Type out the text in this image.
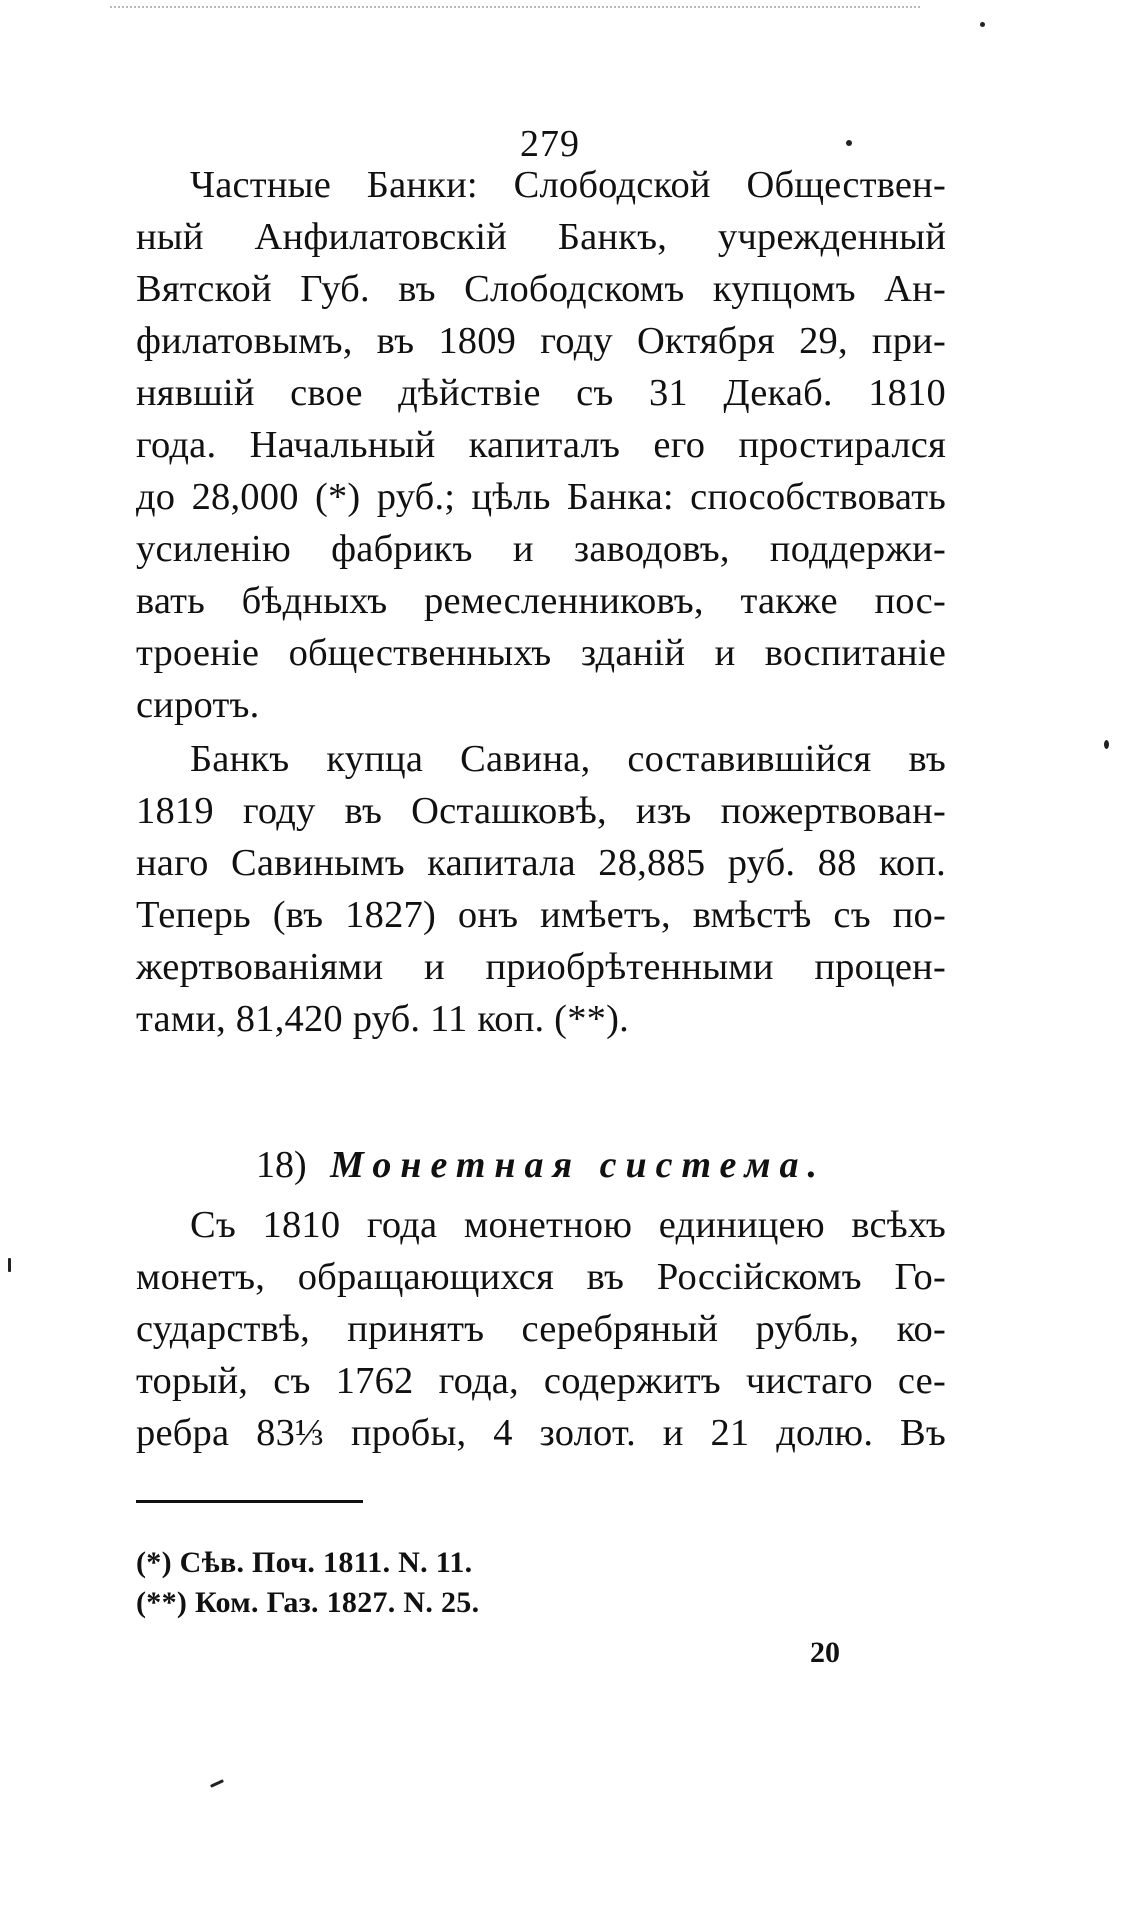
279
Частные Банки: Слободской Обществен-
ный Анфилатовскій Банкъ, учрежденный
Вятской Губ. въ Слободскомъ купцомъ Ан-
филатовымъ, въ 1809 году Октября 29, при-
нявшій свое дѣйствіе съ 31 Декаб. 1810
года. Начальный капиталъ его простирался
до 28,000 (*) руб.; цѣль Банка: способствовать
усиленію фабрикъ и заводовъ, поддержи-
вать бѣдныхъ ремесленниковъ, также пос-
троеніе общественныхъ зданій и воспитаніе
сиротъ.
Банкъ купца Савина, составившійся въ
1819 году въ Осташковѣ, изъ пожертвован-
наго Савинымъ капитала 28,885 руб. 88 коп.
Теперь (въ 1827) онъ имѣетъ, вмѣстѣ съ по-
жертвованіями и приобрѣтенными процен-
тами, 81,420 руб. 11 коп. (**).
18) Монетная система.
Съ 1810 года монетною единицею всѣхъ
монетъ, обращающихся въ Россійскомъ Го-
сударствѣ, принятъ серебряный рубль, ко-
торый, съ 1762 года, содержитъ чистаго се-
ребра 83⅓ пробы, 4 золот. и 21 долю. Въ
(*) Сѣв. Поч. 1811. N. 11.
(**) Ком. Газ. 1827. N. 25.
20
